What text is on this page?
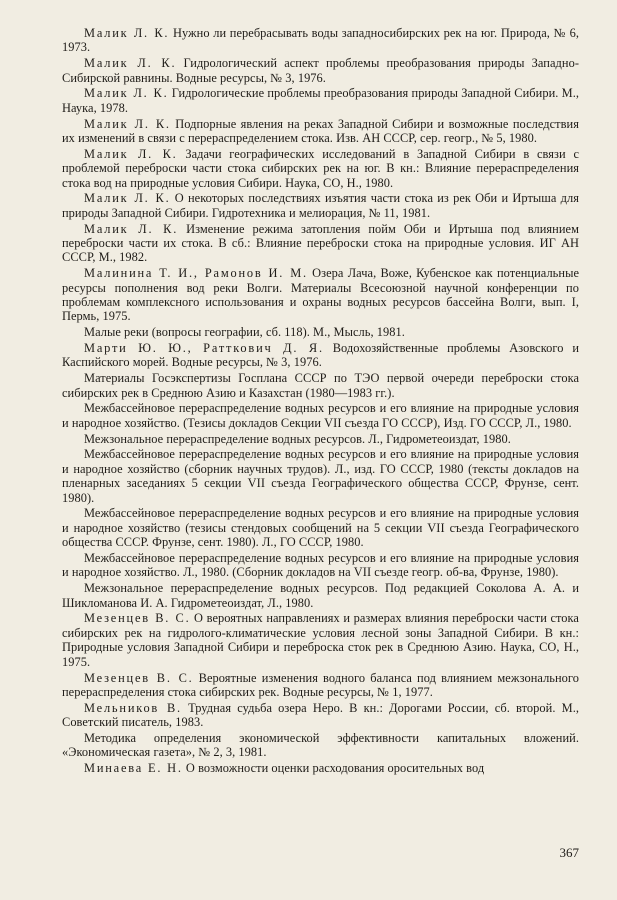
Малик Л. К. Нужно ли перебрасывать воды западносибирских рек на юг. Природа, № 6, 1973.

Малик Л. К. Гидрологический аспект проблемы преобразования природы Западно-Сибирской равнины. Водные ресурсы, № 3, 1976.

Малик Л. К. Гидрологические проблемы преобразования природы Западной Сибири. М., Наука, 1978.

Малик Л. К. Подпорные явления на реках Западной Сибири и возможные последствия их изменений в связи с перераспределением стока. Изв. АН СССР, сер. геогр., № 5, 1980.

Малик Л. К. Задачи географических исследований в Западной Сибири в связи с проблемой переброски части стока сибирских рек на юг. В кн.: Влияние перераспределения стока вод на природные условия Сибири. Наука, СО, Н., 1980.

Малик Л. К. О некоторых последствиях изъятия части стока из рек Оби и Иртыша для природы Западной Сибири. Гидротехника и мелиорация, № 11, 1981.

Малик Л. К. Изменение режима затопления пойм Оби и Иртыша под влиянием переброски части их стока. В сб.: Влияние переброски стока на природные условия. ИГ АН СССР, М., 1982.

Малинина Т. И., Рамонов И. М. Озера Лача, Воже, Кубенское как потенциальные ресурсы пополнения вод реки Волги. Материалы Всесоюзной научной конференции по проблемам комплексного использования и охраны водных ресурсов бассейна Волги, вып. I, Пермь, 1975.

Малые реки (вопросы географии, сб. 118). М., Мысль, 1981.

Марти Ю. Ю., Ратткович Д. Я. Водохозяйственные проблемы Азовского и Каспийского морей. Водные ресурсы, № 3, 1976.

Материалы Госэкспертизы Госплана СССР по ТЭО первой очереди переброски стока сибирских рек в Среднюю Азию и Казахстан (1980—1983 гг.).

Межбассейновое перераспределение водных ресурсов и его влияние на природные условия и народное хозяйство. (Тезисы докладов Секции VII съезда ГО СССР), Изд. ГО СССР, Л., 1980.

Межзональное перераспределение водных ресурсов. Л., Гидрометеоиздат, 1980.

Межбассейновое перераспределение водных ресурсов и его влияние на природные условия и народное хозяйство (сборник научных трудов). Л., изд. ГО СССР, 1980 (тексты докладов на пленарных заседаниях 5 секции VII съезда Географического общества СССР, Фрунзе, сент. 1980).

Межбассейновое перераспределение водных ресурсов и его влияние на природные условия и народное хозяйство (тезисы стендовых сообщений на 5 секции VII съезда Географического общества СССР. Фрунзе, сент. 1980). Л., ГО СССР, 1980.

Межбассейновое перераспределение водных ресурсов и его влияние на природные условия и народное хозяйство. Л., 1980. (Сборник докладов на VII съезде геогр. об-ва, Фрунзе, 1980).

Межзональное перераспределение водных ресурсов. Под редакцией Соколова А. А. и Шикломанова И. А. Гидрометеоиздат, Л., 1980.

Мезенцев В. С. О вероятных направлениях и размерах влияния переброски части стока сибирских рек на гидролого-климатические условия лесной зоны Западной Сибири. В кн.: Природные условия Западной Сибири и переброска сток рек в Среднюю Азию. Наука, СО, Н., 1975.

Мезенцев В. С. Вероятные изменения водного баланса под влиянием межзонального перераспределения стока сибирских рек. Водные ресурсы, № 1, 1977.

Мельников В. Трудная судьба озера Неро. В кн.: Дорогами России, сб. второй. М., Советский писатель, 1983.

Методика определения экономической эффективности капитальных вложений. «Экономическая газета», № 2, 3, 1981.

Минаева Е. Н. О возможности оценки расходования оросительных вод

367
